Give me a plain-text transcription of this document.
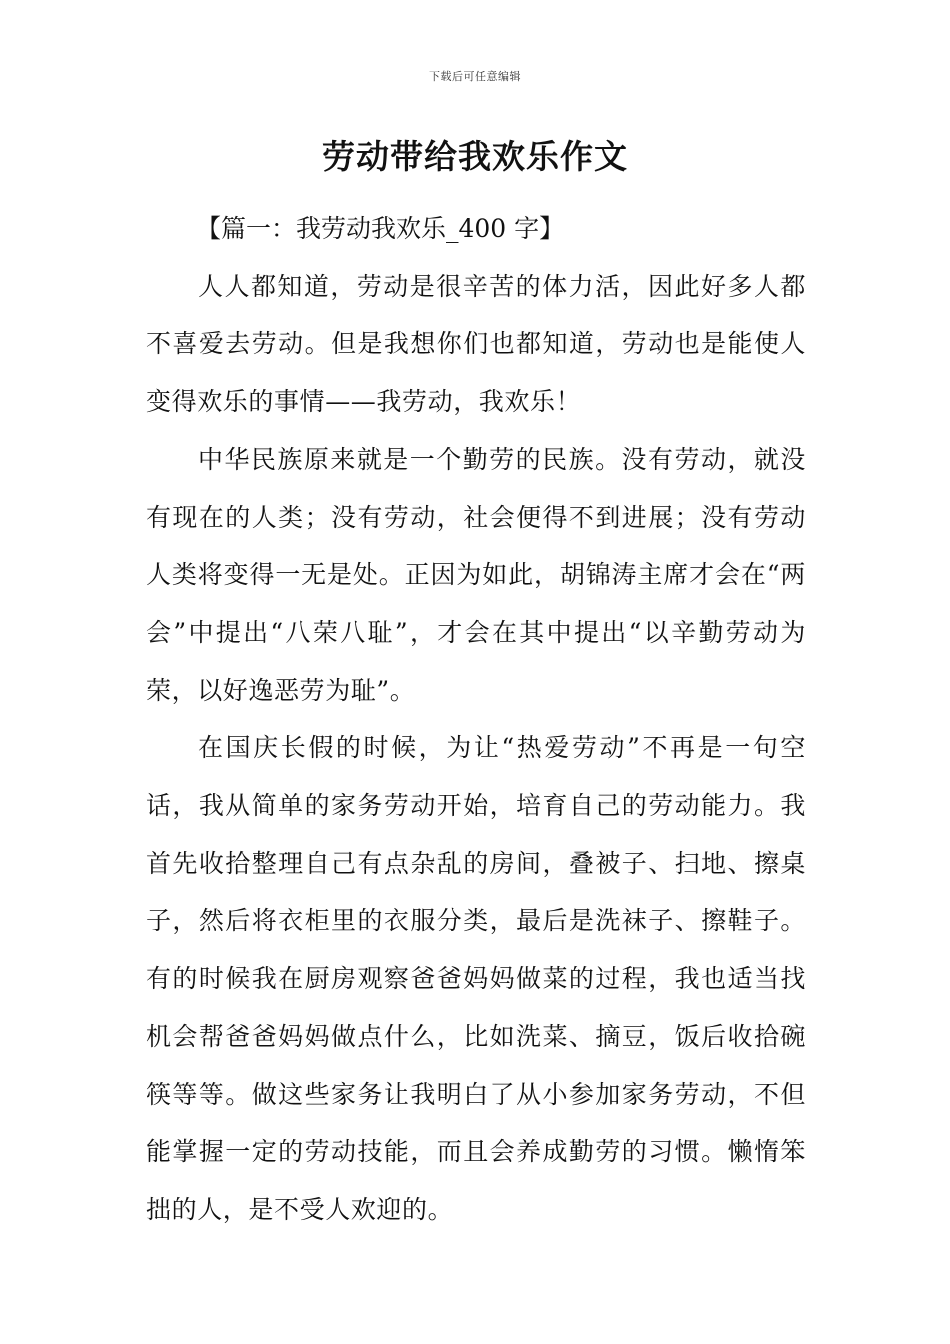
下载后可任意编辑
劳动带给我欢乐作文

【篇一：我劳动我欢乐_400 字】

人人都知道，劳动是很辛苦的体力活，因此好多人都不喜爱去劳动。但是我想你们也都知道，劳动也是能使人变得欢乐的事情——我劳动，我欢乐！

中华民族原来就是一个勤劳的民族。没有劳动，就没有现在的人类；没有劳动，社会便得不到进展；没有劳动人类将变得一无是处。正因为如此，胡锦涛主席才会在“两会”中提出“八荣八耻”，才会在其中提出“以辛勤劳动为荣，以好逸恶劳为耻”。

在国庆长假的时候，为让“热爱劳动”不再是一句空话，我从简单的家务劳动开始，培育自己的劳动能力。我首先收拾整理自己有点杂乱的房间，叠被子、扫地、擦桌子，然后将衣柜里的衣服分类，最后是洗袜子、擦鞋子。有的时候我在厨房观察爸爸妈妈做菜的过程，我也适当找机会帮爸爸妈妈做点什么，比如洗菜、摘豆，饭后收拾碗筷等等。做这些家务让我明白了从小参加家务劳动，不但能掌握一定的劳动技能，而且会养成勤劳的习惯。懒惰笨拙的人，是不受人欢迎的。
